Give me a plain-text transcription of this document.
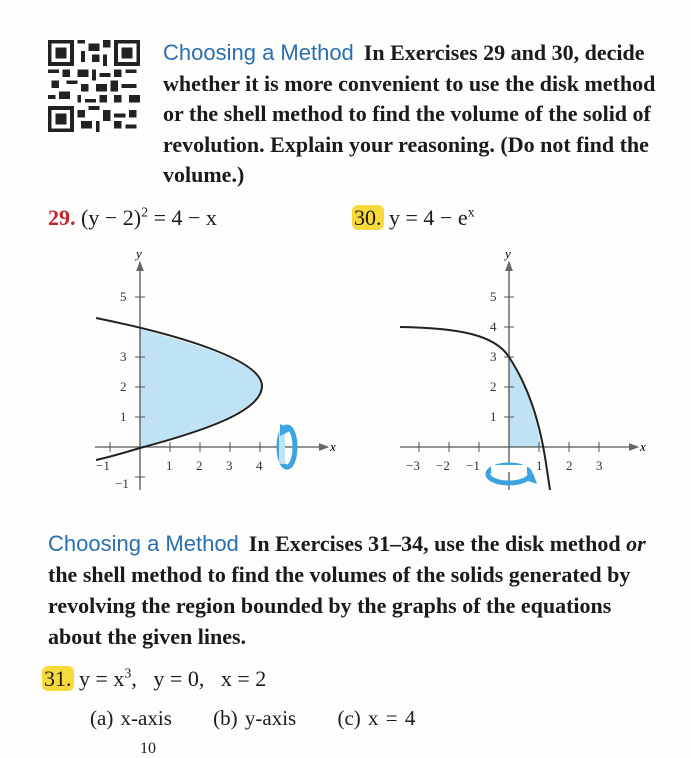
Choosing a Method In Exercises 29 and 30, decide whether it is more convenient to use the disk method or the shell method to find the volume of the solid of revolution. Explain your reasoning. (Do not find the volume.)
29. $(y - 2)^2 = 4 - x$	30. $y = 4 - e^x$
y
x
5
3
2
1
−1
−1	1 2 3 4
y
x
5
4
3
2
1
−3 −2 −1	1 2 3
Choosing a Method In Exercises 31–34, use the disk method or the shell method to find the volumes of the solids generated by revolving the region bounded by the graphs of the equations about the given lines.
31. $y = x^3$,   y = 0,   x = 2
(a) x-axis (b) y-axis (c) x = 4
10
